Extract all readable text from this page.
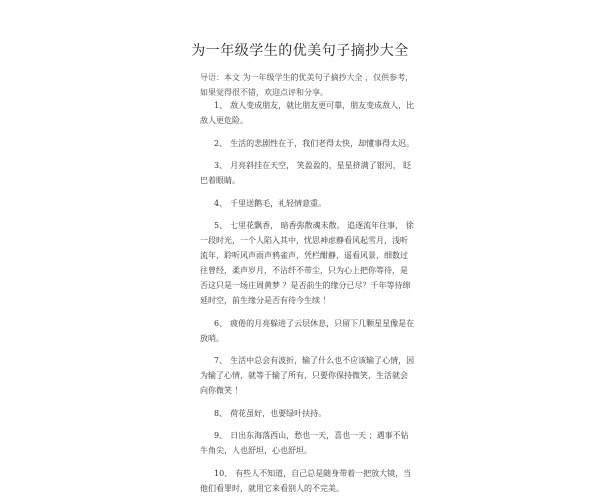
为一年级学生的优美句子摘抄大全
导语：本文 为一年级学生的优美句子摘抄大全 ，仅供参考，如果觉得很不错，欢迎点评和分享。
1、 敌人变成朋友，就比朋友更可靠，朋友变成敌人，比敌人更危险。
2、 生活的悲剧性在于，我们老得太快，却懂事得太迟。
3、 月亮斜挂在天空， 笑盈盈的，星星挤满了银河， 眨巴着眼睛。
4、 千里送鹅毛，礼轻情意重。
5、 七里花飘香， 暗香弥散魂未散。 追逐流年往事， 徐一段时光，一个人陷入其中，忧思神虑静看风起雪月，浅听流年，聆听风声雨声鸦雀声，凭栏酣静，遥看风景，细数过往曾经，柔声岁月，不沾纤不带尘，只为心上把你等待，是否这只是一场庄周黄梦 ？是否前生的缘分已尽？千年等待绵延时空，前生缘分是否有待今生续 ！
6、 疲倦的月亮躲进了云层休息，只留下几颗星星像是在放哨。
7、 生活中总会有波折，输了什么也不应该输了心情，因为输了心情，就等于输了所有，只要你保持微笑，生活就会向你微笑 ！
8、 荷花虽好，也要绿叶扶持。
9、 日出东海落西山，愁也一天，喜也一天 ；遇事不钻牛角尖，人也舒坦，心也舒坦。
10、 有些人不知道，自己总是随身带着一把放大镜，当他们看罪时，就用它来看别人的不完美。
